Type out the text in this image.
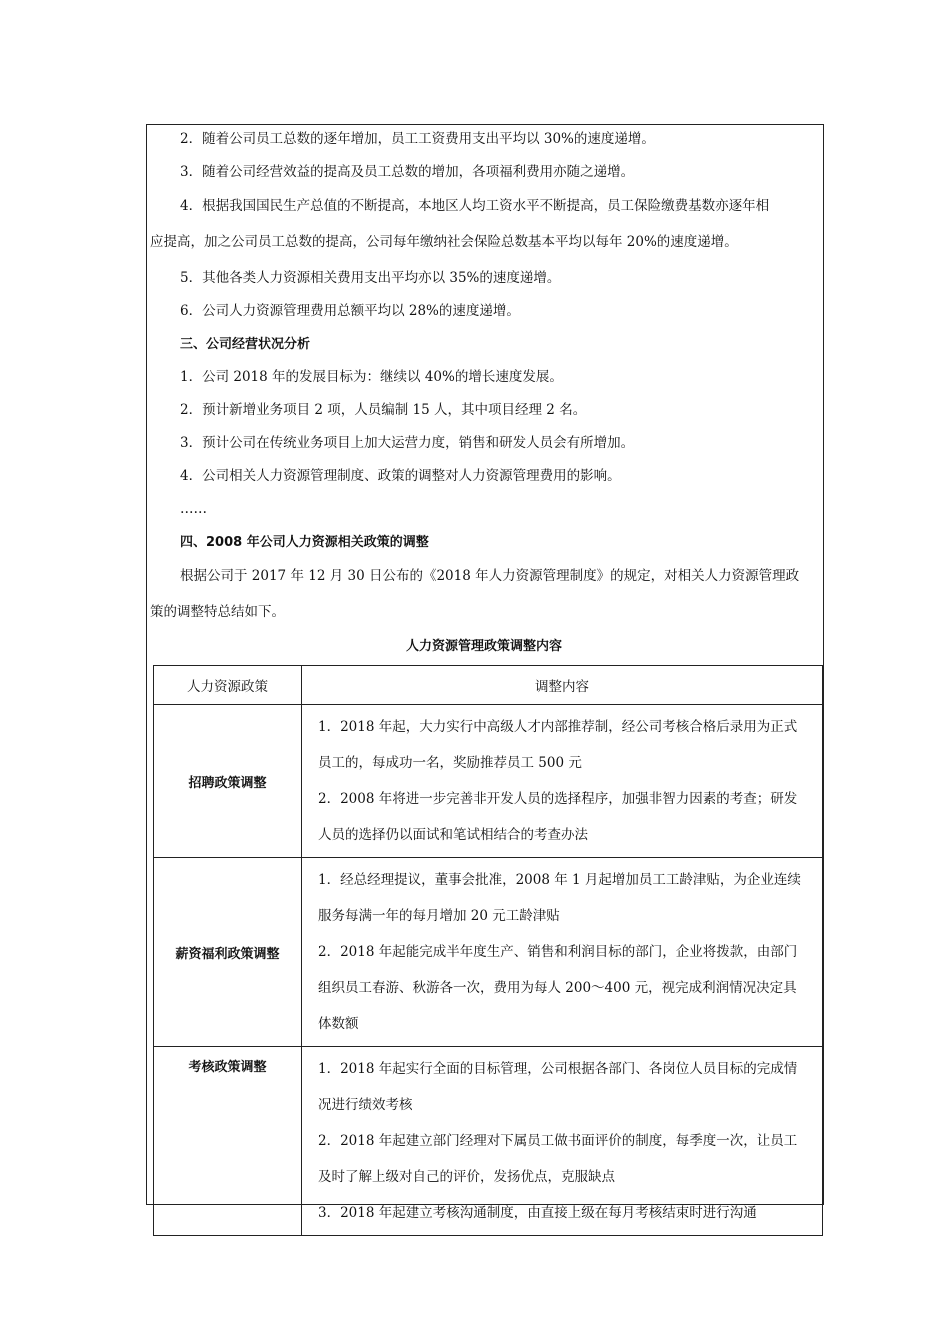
2．随着公司员工总数的逐年增加，员工工资费用支出平均以 30%的速度递增。

3．随着公司经营效益的提高及员工总数的增加，各项福利费用亦随之递增。

4．根据我国国民生产总值的不断提高，本地区人均工资水平不断提高，员工保险缴费基数亦逐年相
应提高，加之公司员工总数的提高，公司每年缴纳社会保险总数基本平均以每年 20%的速度递增。

5．其他各类人力资源相关费用支出平均亦以 35%的速度递增。

6．公司人力资源管理费用总额平均以 28%的速度递增。

三、公司经营状况分析

1．公司 2018 年的发展目标为：继续以 40%的增长速度发展。

2．预计新增业务项目 2 项，人员编制 15 人，其中项目经理 2 名。

3．预计公司在传统业务项目上加大运营力度，销售和研发人员会有所增加。

4．公司相关人力资源管理制度、政策的调整对人力资源管理费用的影响。

……

四、2008 年公司人力资源相关政策的调整

根据公司于 2017 年 12 月 30 日公布的《2018 年人力资源管理制度》的规定，对相关人力资源管理政
策的调整特总结如下。
人力资源管理政策调整内容
人力资源政策	调整内容
招聘政策调整	1．2018 年起，大力实行中高级人才内部推荐制，经公司考核合格后录用为正式
员工的，每成功一名，奖励推荐员工 500 元
2．2008 年将进一步完善非开发人员的选择程序，加强非智力因素的考查；研发
人员的选择仍以面试和笔试相结合的考查办法

薪资福利政策调整	1．经总经理提议，董事会批准，2008 年 1 月起增加员工工龄津贴，为企业连续
服务每满一年的每月增加 20 元工龄津贴
2．2018 年起能完成半年度生产、销售和利润目标的部门，企业将拨款，由部门
组织员工春游、秋游各一次，费用为每人 200～400 元，视完成利润情况决定具
体数额

考核政策调整	1．2018 年起实行全面的目标管理，公司根据各部门、各岗位人员目标的完成情
况进行绩效考核
2．2018 年起建立部门经理对下属员工做书面评价的制度，每季度一次，让员工
及时了解上级对自己的评价，发扬优点，克服缺点
3．2018 年起建立考核沟通制度，由直接上级在每月考核结束时进行沟通
